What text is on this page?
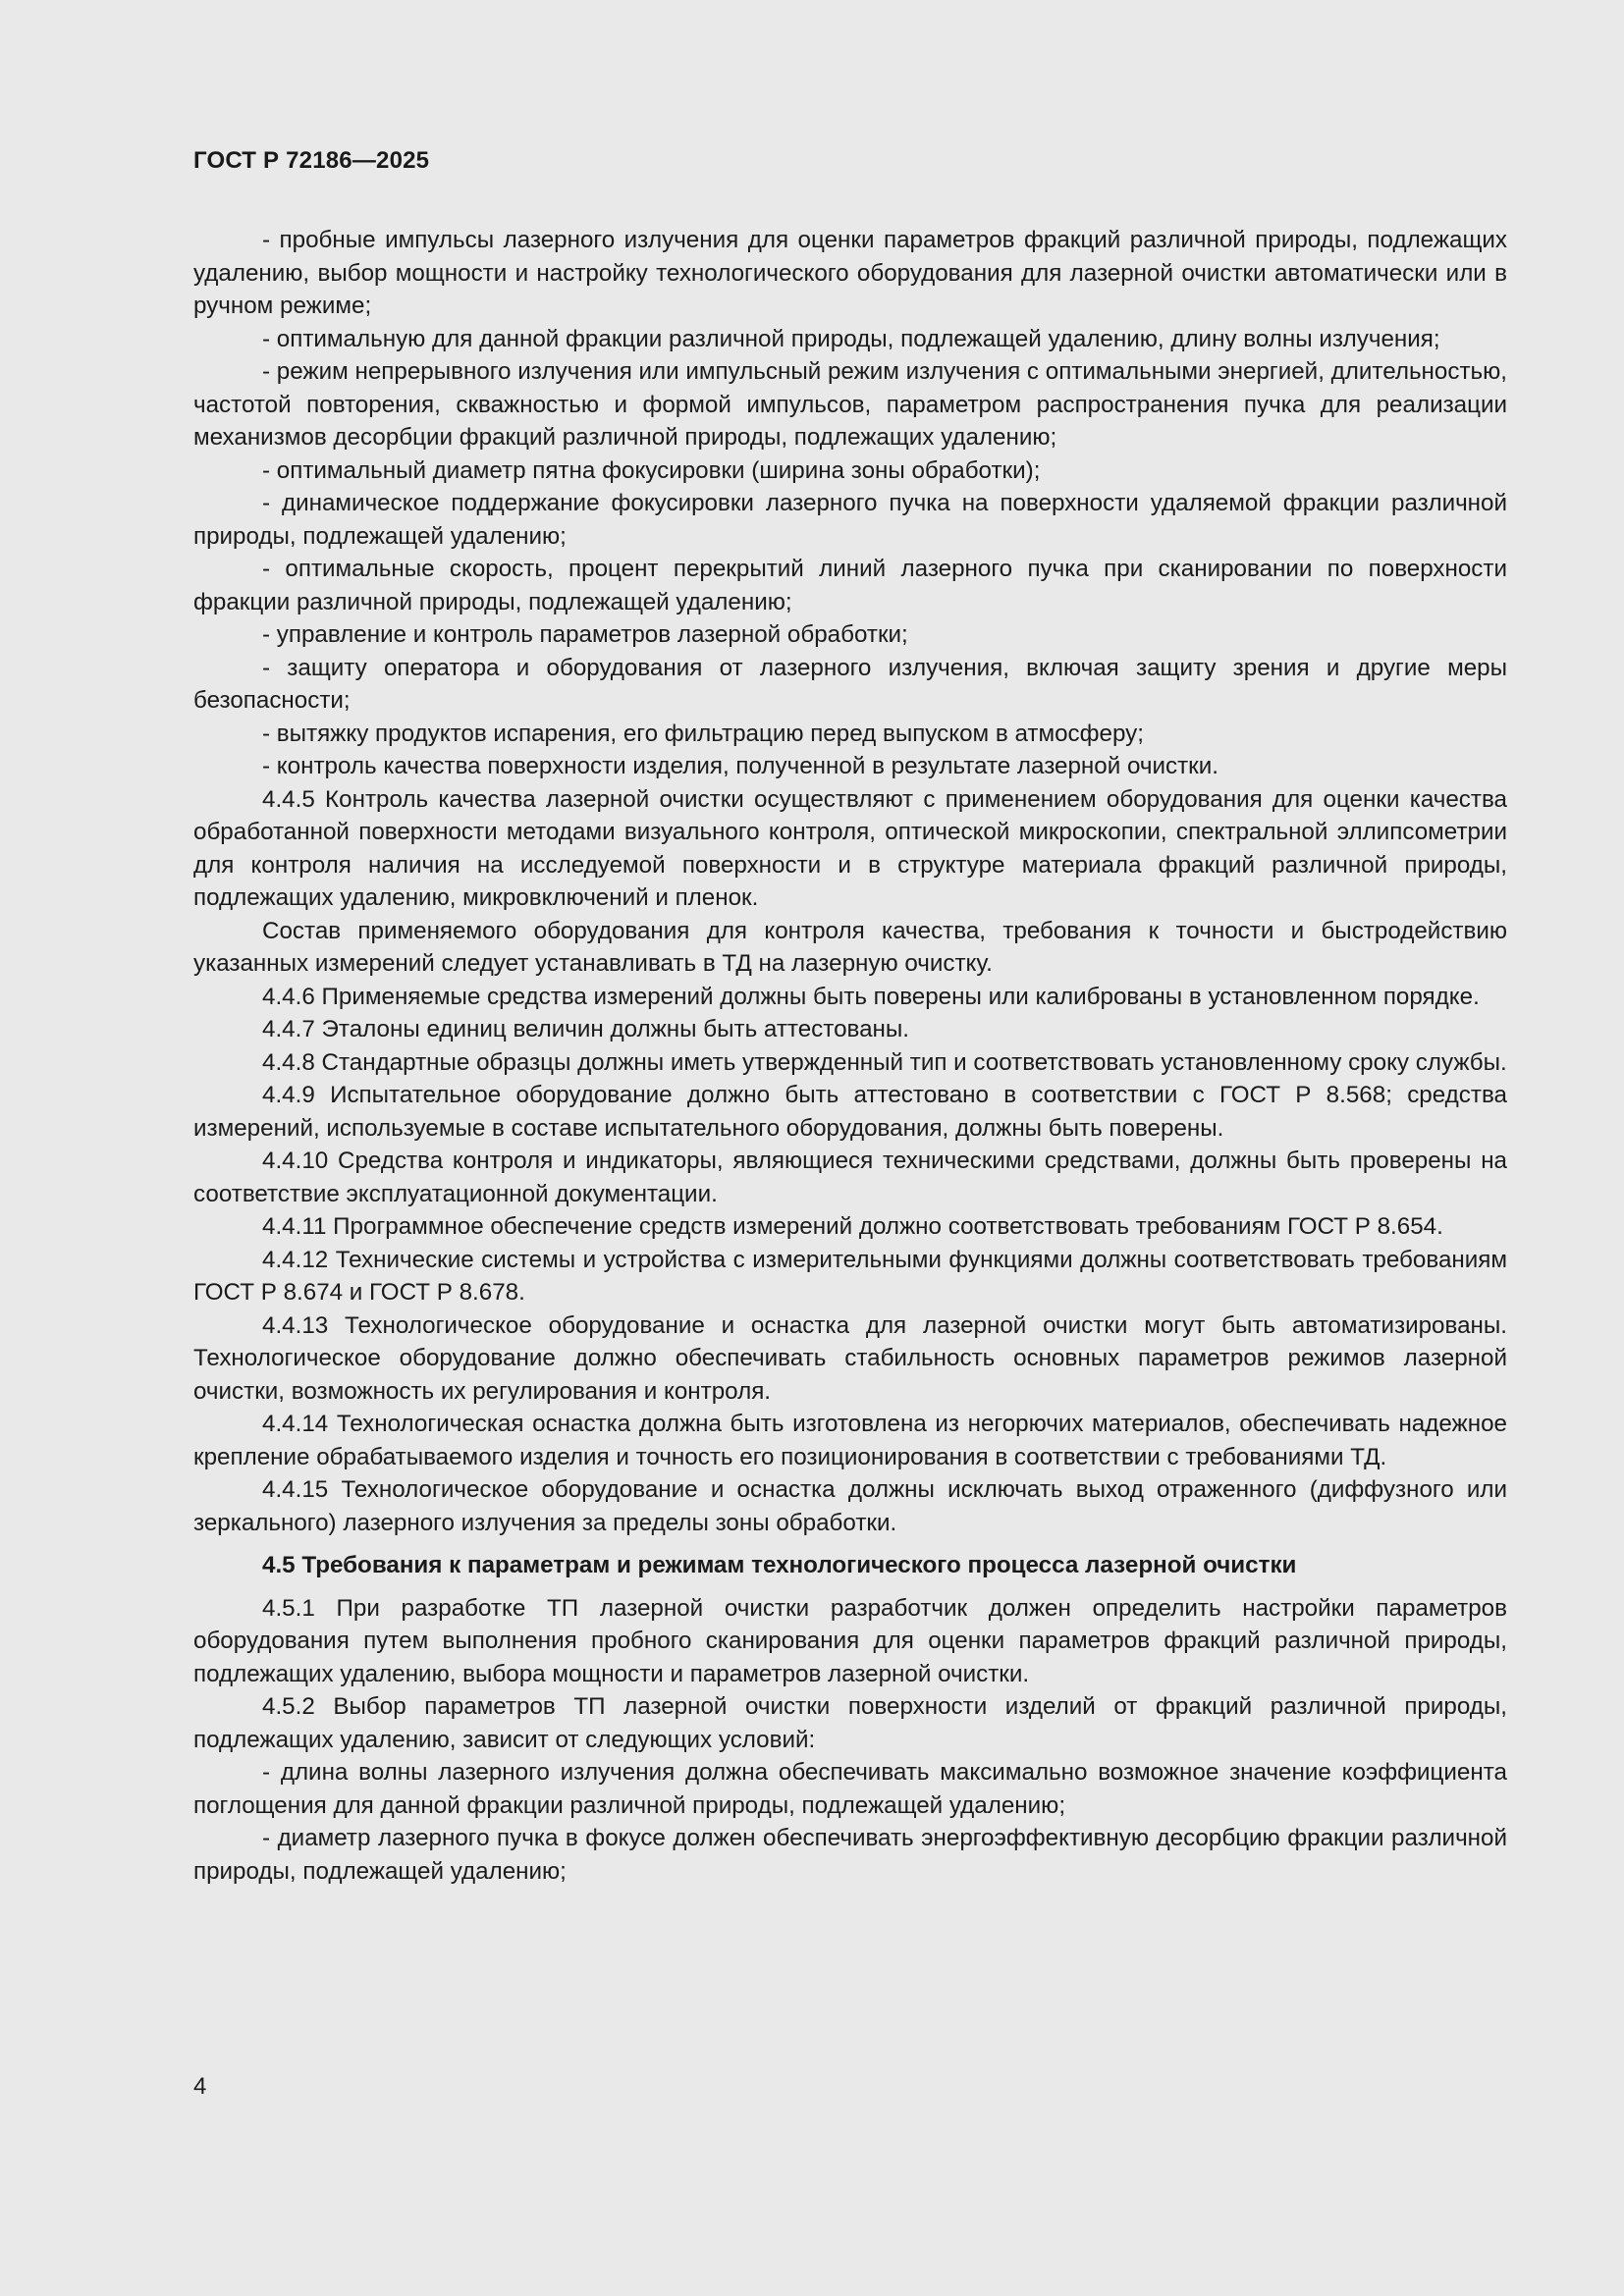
ГОСТ Р 72186—2025

- пробные импульсы лазерного излучения для оценки параметров фракций различной природы, подлежащих удалению, выбор мощности и настройку технологического оборудования для лазерной очистки автоматически или в ручном режиме;

- оптимальную для данной фракции различной природы, подлежащей удалению, длину волны излучения;

- режим непрерывного излучения или импульсный режим излучения с оптимальными энергией, длительностью, частотой повторения, скважностью и формой импульсов, параметром распространения пучка для реализации механизмов десорбции фракций различной природы, подлежащих удалению;

- оптимальный диаметр пятна фокусировки (ширина зоны обработки);

- динамическое поддержание фокусировки лазерного пучка на поверхности удаляемой фракции различной природы, подлежащей удалению;

- оптимальные скорость, процент перекрытий линий лазерного пучка при сканировании по поверхности фракции различной природы, подлежащей удалению;

- управление и контроль параметров лазерной обработки;

- защиту оператора и оборудования от лазерного излучения, включая защиту зрения и другие меры безопасности;

- вытяжку продуктов испарения, его фильтрацию перед выпуском в атмосферу;

- контроль качества поверхности изделия, полученной в результате лазерной очистки.

4.4.5 Контроль качества лазерной очистки осуществляют с применением оборудования для оценки качества обработанной поверхности методами визуального контроля, оптической микроскопии, спектральной эллипсометрии для контроля наличия на исследуемой поверхности и в структуре материала фракций различной природы, подлежащих удалению, микровключений и пленок.

Состав применяемого оборудования для контроля качества, требования к точности и быстродействию указанных измерений следует устанавливать в ТД на лазерную очистку.

4.4.6 Применяемые средства измерений должны быть поверены или калиброваны в установленном порядке.

4.4.7 Эталоны единиц величин должны быть аттестованы.

4.4.8 Стандартные образцы должны иметь утвержденный тип и соответствовать установленному сроку службы.

4.4.9 Испытательное оборудование должно быть аттестовано в соответствии с ГОСТ Р 8.568; средства измерений, используемые в составе испытательного оборудования, должны быть поверены.

4.4.10 Средства контроля и индикаторы, являющиеся техническими средствами, должны быть проверены на соответствие эксплуатационной документации.

4.4.11 Программное обеспечение средств измерений должно соответствовать требованиям ГОСТ Р 8.654.

4.4.12 Технические системы и устройства с измерительными функциями должны соответствовать требованиям ГОСТ Р 8.674 и ГОСТ Р 8.678.

4.4.13 Технологическое оборудование и оснастка для лазерной очистки могут быть автоматизированы. Технологическое оборудование должно обеспечивать стабильность основных параметров режимов лазерной очистки, возможность их регулирования и контроля.

4.4.14 Технологическая оснастка должна быть изготовлена из негорючих материалов, обеспечивать надежное крепление обрабатываемого изделия и точность его позиционирования в соответствии с требованиями ТД.

4.4.15 Технологическое оборудование и оснастка должны исключать выход отраженного (диффузного или зеркального) лазерного излучения за пределы зоны обработки.

4.5 Требования к параметрам и режимам технологического процесса лазерной очистки

4.5.1 При разработке ТП лазерной очистки разработчик должен определить настройки параметров оборудования путем выполнения пробного сканирования для оценки параметров фракций различной природы, подлежащих удалению, выбора мощности и параметров лазерной очистки.

4.5.2 Выбор параметров ТП лазерной очистки поверхности изделий от фракций различной природы, подлежащих удалению, зависит от следующих условий:

- длина волны лазерного излучения должна обеспечивать максимально возможное значение коэффициента поглощения для данной фракции различной природы, подлежащей удалению;

- диаметр лазерного пучка в фокусе должен обеспечивать энергоэффективную десорбцию фракции различной природы, подлежащей удалению;

4
